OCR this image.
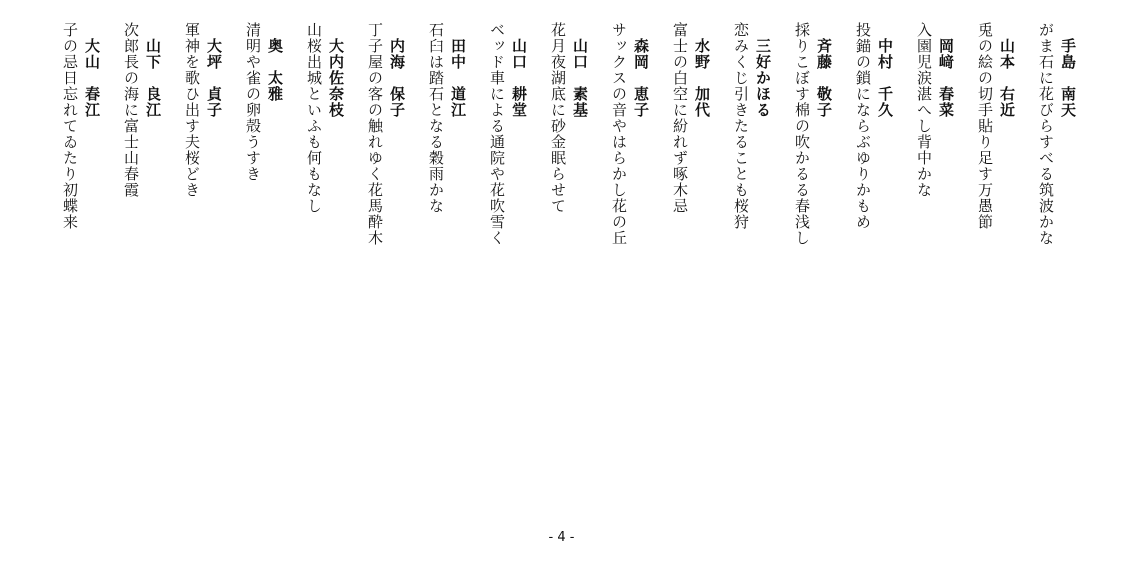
手島　南天
がま石に花びらすべる筑波かな
山本　右近
兎の絵の切手貼り足す万愚節
岡﨑　春菜
入園児涙湛へし背中かな
中村　千久
投錨の鎖にならぶゆりかもめ
斉藤　敬子
採りこぼす棉の吹かるる春浅し
三好かほる
恋みくじ引きたることも桜狩
水野　加代
富士の白空に紛れず啄木忌
森岡　恵子
サックスの音やはらかし花の丘
山口　素基
花月夜湖底に砂金眠らせて
山口　耕堂
ベッド車による通院や花吹雪く
田中　道江
石臼は踏石となる穀雨かな
内海　保子
丁子屋の客の触れゆく花馬酔木
大内佐奈枝
山桜出城といふも何もなし
奥　太雅
清明や雀の卵殻うすき
大坪　貞子
軍神を歌ひ出す夫桜どき
山下　良江
次郎長の海に富士山春霞
大山　春江
子の忌日忘れてゐたり初蝶来
- 4 -
